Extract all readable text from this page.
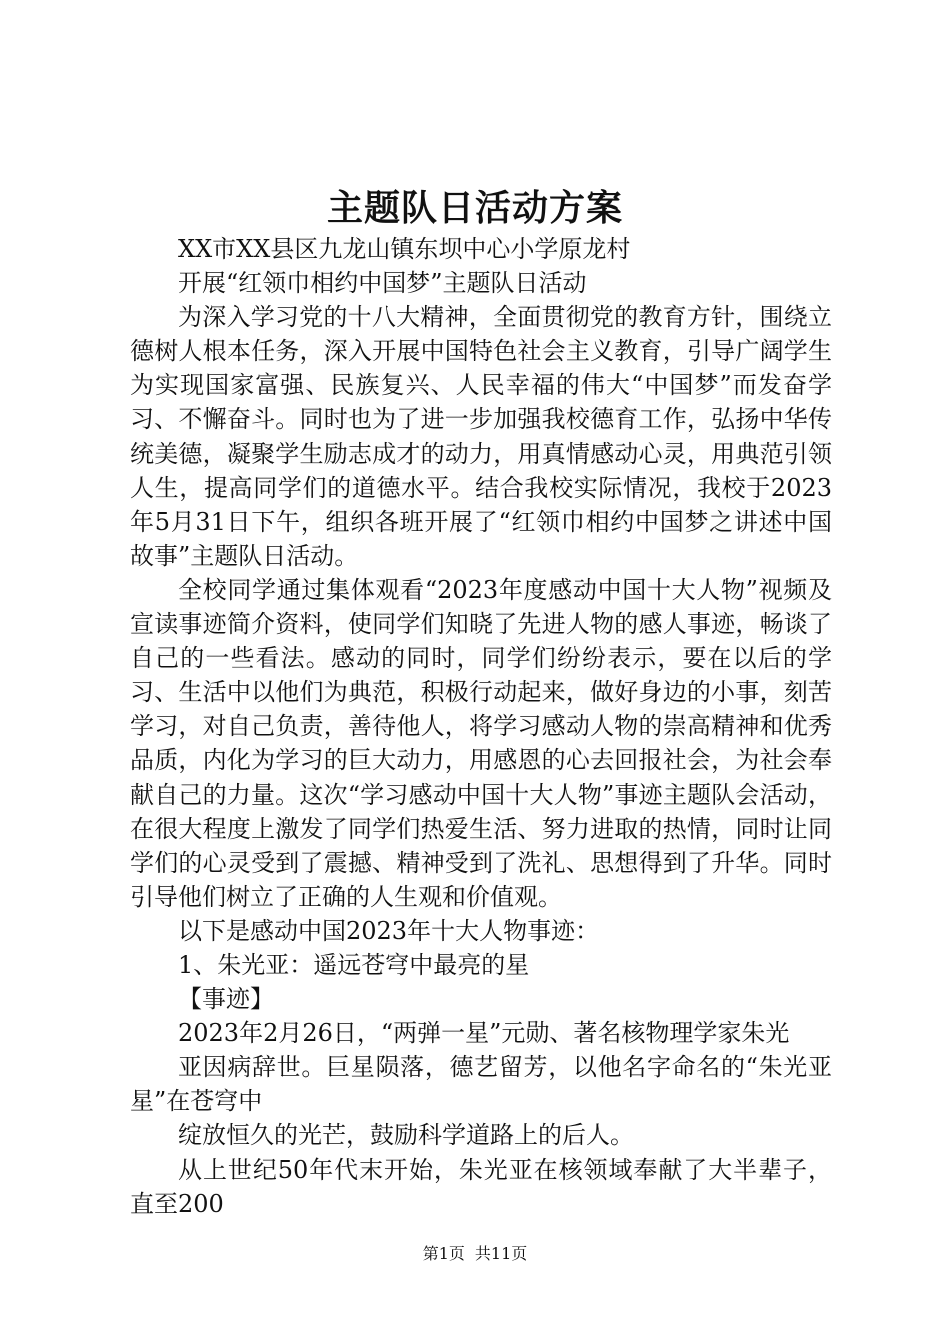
主题队日活动方案

XX市XX县区九龙山镇东坝中心小学原龙村

开展“红领巾相约中国梦”主题队日活动

为深入学习党的十八大精神，全面贯彻党的教育方针，围绕立德树人根本任务，深入开展中国特色社会主义教育，引导广阔学生为实现国家富强、民族复兴、人民幸福的伟大“中国梦”而发奋学习、不懈奋斗。同时也为了进一步加强我校德育工作，弘扬中华传统美德，凝聚学生励志成才的动力，用真情感动心灵，用典范引领人生，提高同学们的道德水平。结合我校实际情况，我校于2023年5月31日下午，组织各班开展了“红领巾相约中国梦之讲述中国故事”主题队日活动。

全校同学通过集体观看“2023年度感动中国十大人物”视频及宣读事迹简介资料，使同学们知晓了先进人物的感人事迹，畅谈了自己的一些看法。感动的同时，同学们纷纷表示，要在以后的学习、生活中以他们为典范，积极行动起来，做好身边的小事，刻苦学习，对自己负责，善待他人，将学习感动人物的崇高精神和优秀品质，内化为学习的巨大动力，用感恩的心去回报社会，为社会奉献自己的力量。这次“学习感动中国十大人物”事迹主题队会活动，在很大程度上激发了同学们热爱生活、努力进取的热情，同时让同学们的心灵受到了震撼、精神受到了洗礼、思想得到了升华。同时引导他们树立了正确的人生观和价值观。

以下是感动中国2023年十大人物事迹：

1、朱光亚：遥远苍穹中最亮的星

【事迹】

2023年2月26日，“两弹一星”元勋、著名核物理学家朱光

亚因病辞世。巨星陨落，德艺留芳，以他名字命名的“朱光亚星”在苍穹中

绽放恒久的光芒，鼓励科学道路上的后人。

从上世纪50年代末开始，朱光亚在核领域奉献了大半辈子，直至200

第1页 共11页
